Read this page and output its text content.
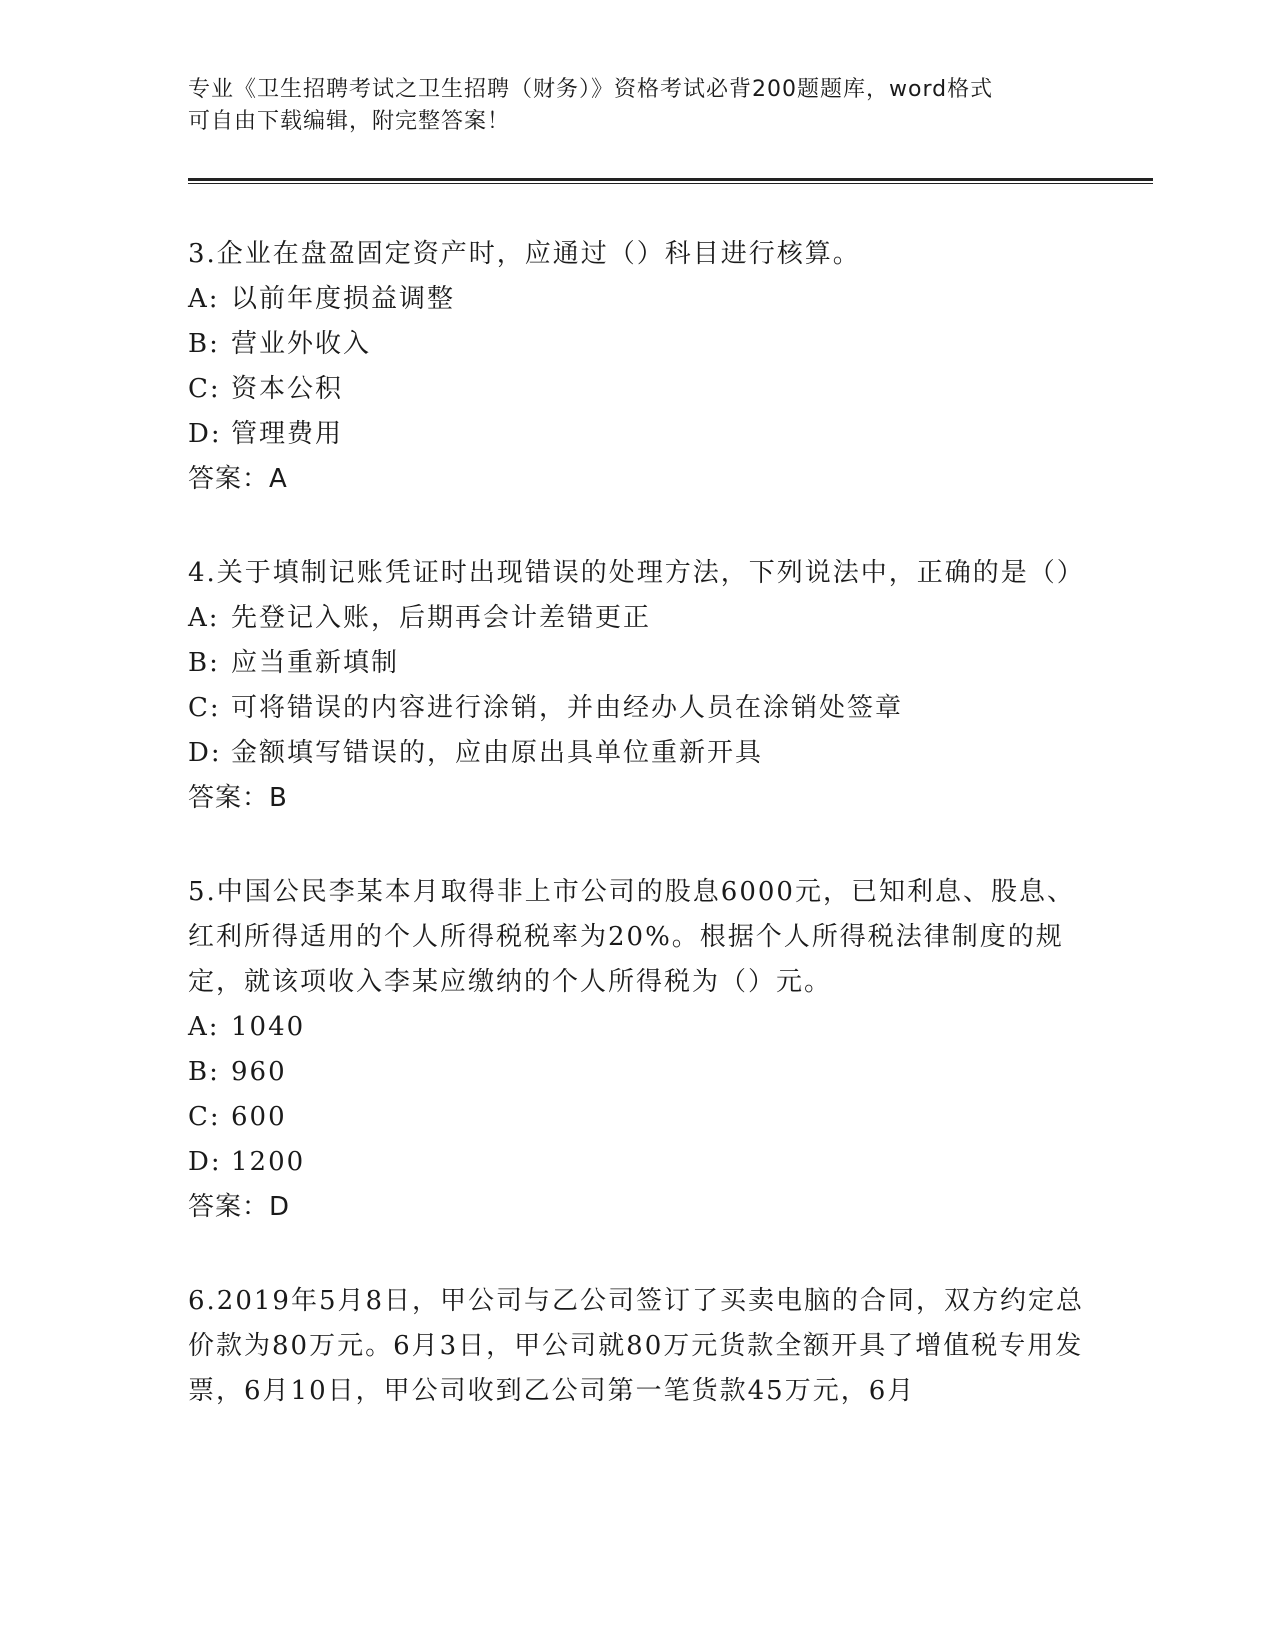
专业《卫生招聘考试之卫生招聘（财务）》资格考试必背200题题库，word格式
可自由下载编辑，附完整答案！

3.企业在盘盈固定资产时，应通过（）科目进行核算。

A: 以前年度损益调整
B: 营业外收入
C: 资本公积
D: 管理费用
答案：A

4.关于填制记账凭证时出现错误的处理方法，下列说法中，正确的是（）

A: 先登记入账，后期再会计差错更正
B: 应当重新填制
C: 可将错误的内容进行涂销，并由经办人员在涂销处签章
D: 金额填写错误的，应由原出具单位重新开具
答案：B

5.中国公民李某本月取得非上市公司的股息6000元，已知利息、股息、红利所得适用的个人所得税税率为20%。根据个人所得税法律制度的规定，就该项收入李某应缴纳的个人所得税为（）元。

A: 1040
B: 960
C: 600
D: 1200
答案：D

6.2019年5月8日，甲公司与乙公司签订了买卖电脑的合同，双方约定总价款为80万元。6月3日，甲公司就80万元货款全额开具了增值税专用发票，6月10日，甲公司收到乙公司第一笔货款45万元，6月
